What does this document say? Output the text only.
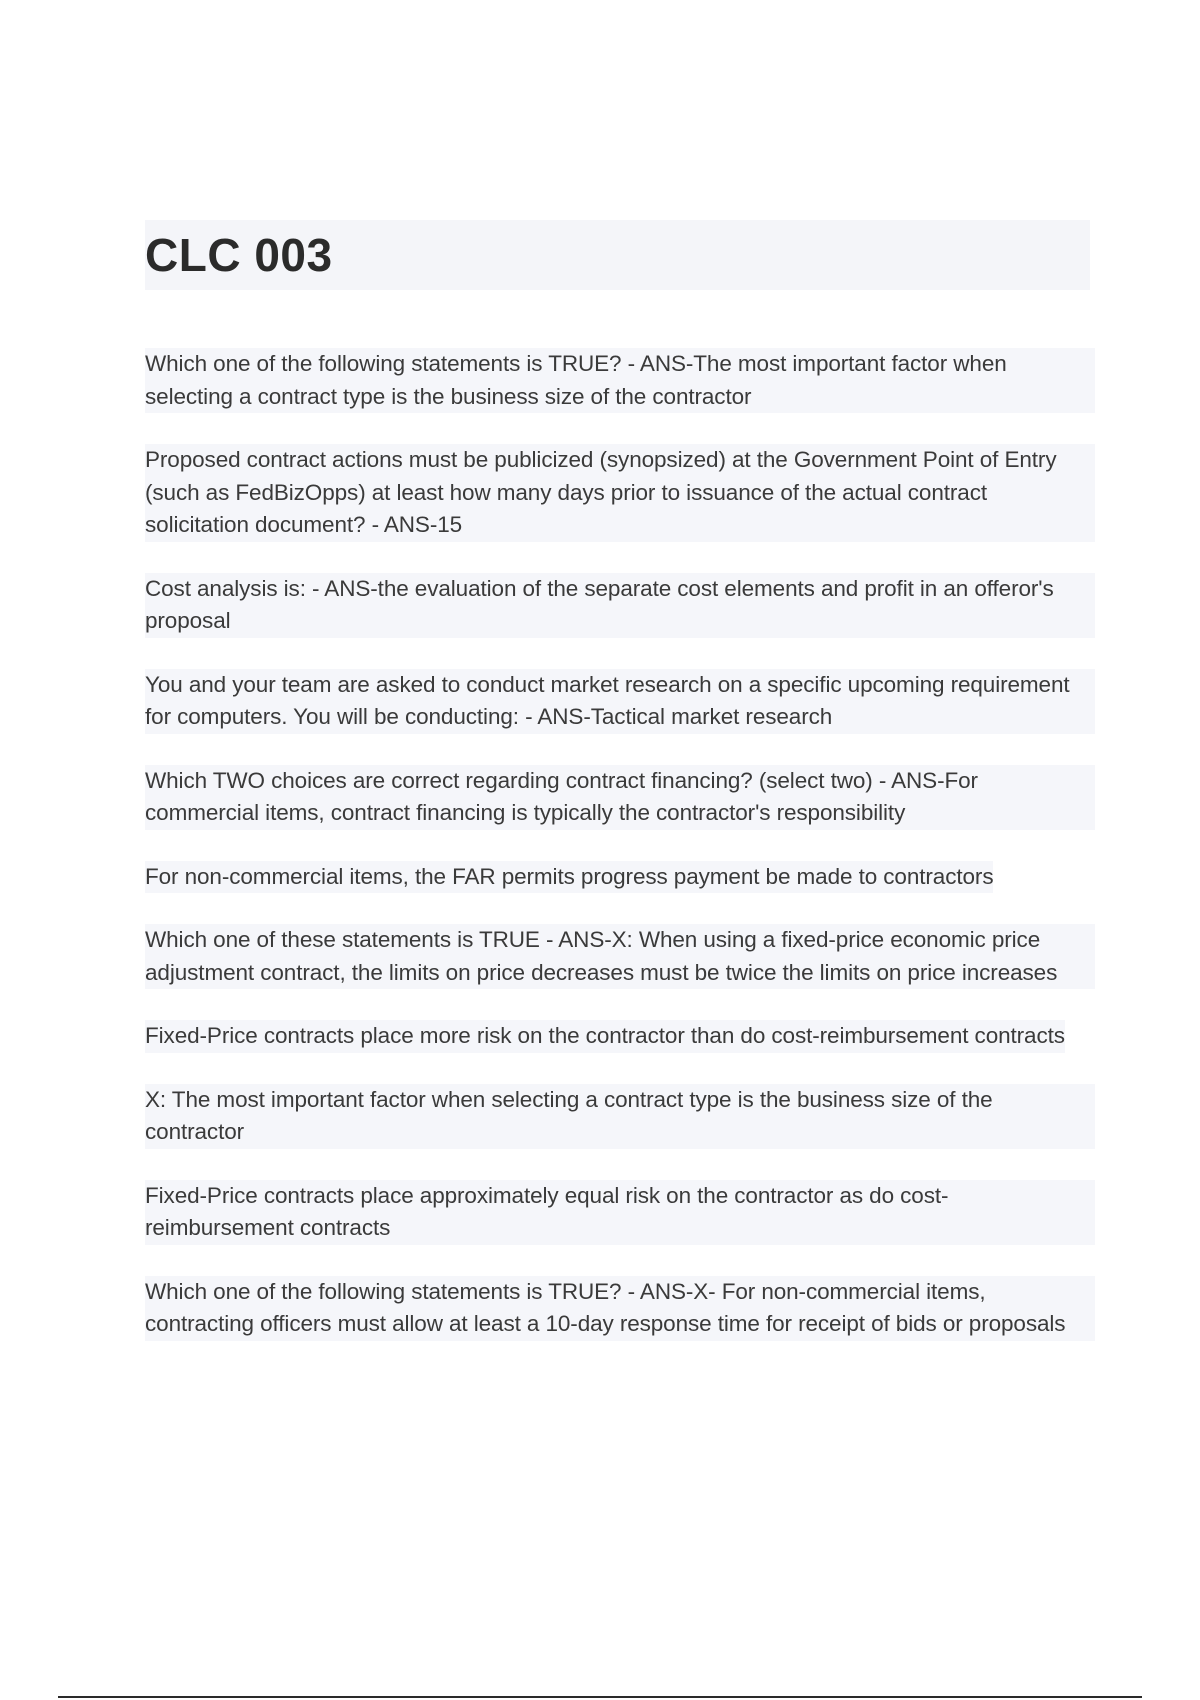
CLC 003
Which one of the following statements is TRUE? - ANS-The most important factor when selecting a contract type is the business size of the contractor
Proposed contract actions must be publicized (synopsized) at the Government Point of Entry (such as FedBizOpps) at least how many days prior to issuance of the actual contract solicitation document? - ANS-15
Cost analysis is: - ANS-the evaluation of the separate cost elements and profit in an offeror's proposal
You and your team are asked to conduct market research on a specific upcoming requirement for computers. You will be conducting: - ANS-Tactical market research
Which TWO choices are correct regarding contract financing? (select two) - ANS-For commercial items, contract financing is typically the contractor's responsibility
For non-commercial items, the FAR permits progress payment be made to contractors
Which one of these statements is TRUE - ANS-X: When using a fixed-price economic price adjustment contract, the limits on price decreases must be twice the limits on price increases
Fixed-Price contracts place more risk on the contractor than do cost-reimbursement contracts
X: The most important factor when selecting a contract type is the business size of the contractor
Fixed-Price contracts place approximately equal risk on the contractor as do cost-reimbursement contracts
Which one of the following statements is TRUE? - ANS-X- For non-commercial items, contracting officers must allow at least a 10-day response time for receipt of bids or proposals
